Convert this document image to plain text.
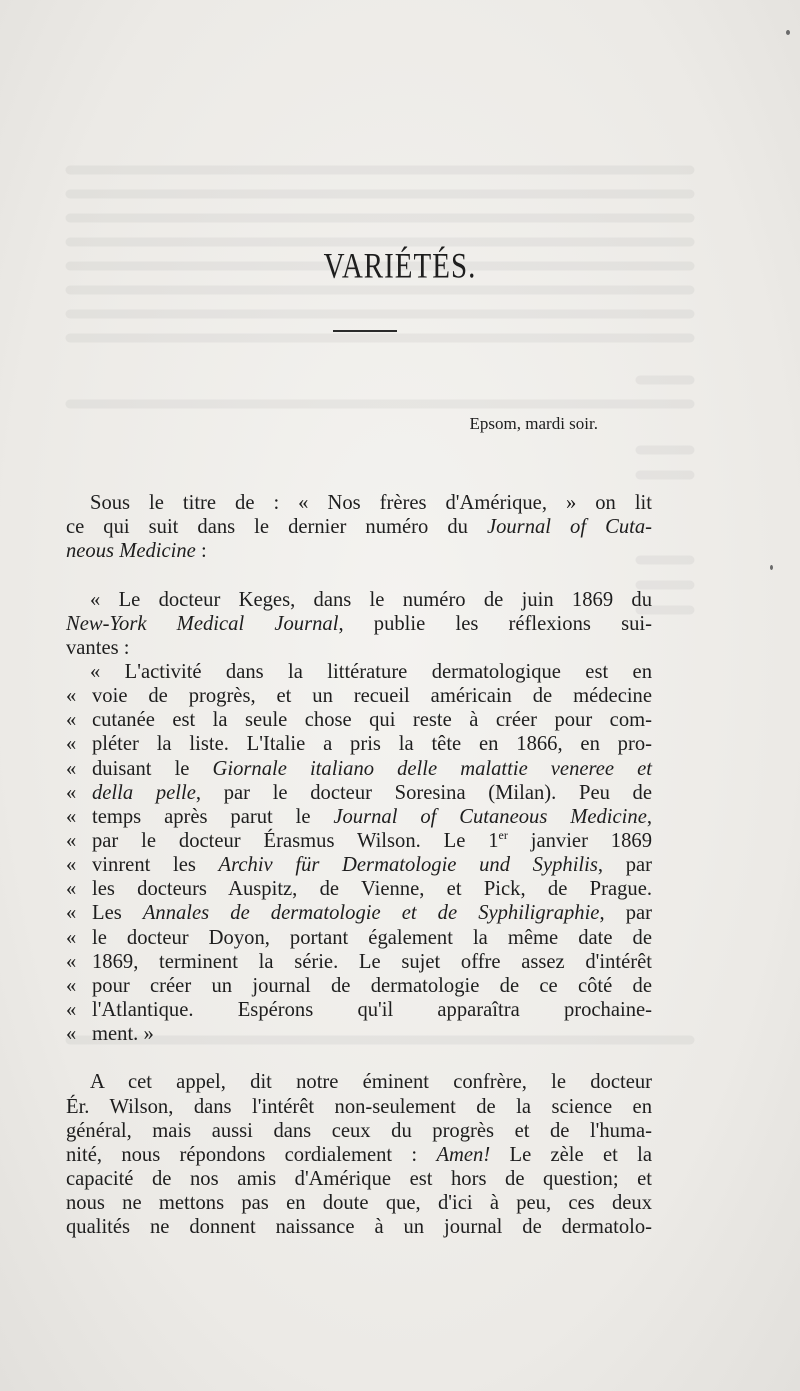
VARIÉTÉS.
Epsom, mardi soir.
Sous le titre de : « Nos frères d'Amérique, » on lit
ce qui suit dans le dernier numéro du Journal of Cuta-
neous Medicine :
« Le docteur Keges, dans le numéro de juin 1869 du
New-York Medical Journal, publie les réflexions sui-
vantes :
« L'activité dans la littérature dermatologique est en
« voie de progrès, et un recueil américain de médecine
« cutanée est la seule chose qui reste à créer pour com-
« pléter la liste. L'Italie a pris la tête en 1866, en pro-
« duisant le Giornale italiano delle malattie veneree et
« della pelle, par le docteur Soresina (Milan). Peu de
« temps après parut le Journal of Cutaneous Medicine,
« par le docteur Érasmus Wilson. Le 1er janvier 1869
« vinrent les Archiv für Dermatologie und Syphilis, par
« les docteurs Auspitz, de Vienne, et Pick, de Prague.
« Les Annales de dermatologie et de Syphiligraphie, par
« le docteur Doyon, portant également la même date de
« 1869, terminent la série. Le sujet offre assez d'intérêt
« pour créer un journal de dermatologie de ce côté de
« l'Atlantique. Espérons qu'il apparaîtra prochaine-
« ment. »
A cet appel, dit notre éminent confrère, le docteur
Ér. Wilson, dans l'intérêt non-seulement de la science en
général, mais aussi dans ceux du progrès et de l'huma-
nité, nous répondons cordialement : Amen! Le zèle et la
capacité de nos amis d'Amérique est hors de question; et
nous ne mettons pas en doute que, d'ici à peu, ces deux
qualités ne donnent naissance à un journal de dermatolo-
